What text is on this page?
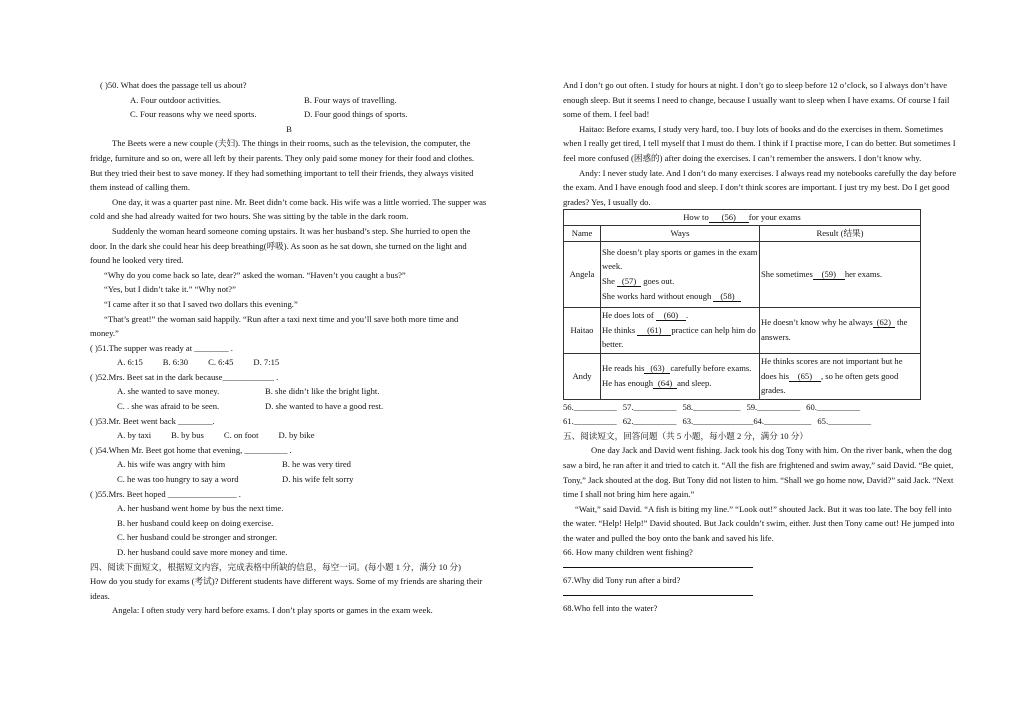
( )50. What does the passage tell us about?

A. Four outdoor activities.	B. Four ways of travelling.
C. Four reasons why we need sports.	D. Four good things of sports.

B

The Beets were a new couple (夫妇). The things in their rooms, such as the television, the computer, the fridge, furniture and so on, were all left by their parents. They only paid some money for their food and clothes. But they tried their best to save money. If they had something important to tell their friends, they always visited them instead of calling them.

One day, it was a quarter past nine. Mr. Beet didn’t come back. His wife was a little worried. The supper was cold and she had already waited for two hours. She was sitting by the table in the dark room.

Suddenly the woman heard someone coming upstairs. It was her husband’s step. She hurried to open the door. In the dark she could hear his deep breathing(呼吸). As soon as he sat down, she turned on the light and found he looked very tired.

“Why do you come back so late, dear?” asked the woman. “Haven’t you caught a bus?”

“Yes, but I didn’t take it.” “Why not?”

“I came after it so that I saved two dollars this evening.”

“That’s great!” the woman said happily. “Run after a taxi next time and you’ll save both more time and money.”

( )51.The supper was ready at ________ .

A. 6:15 B. 6:30 C. 6:45 D. 7:15

( )52.Mrs. Beet sat in the dark because____________ .

A. she wanted to save money.	B. she didn’t like the bright light.
C. . she was afraid to be seen.	D. she wanted to have a good rest.

( )53.Mr. Beet went back ________.

A. by taxi B. by bus C. on foot D. by bike

( )54.When Mr. Beet got home that evening, __________ .

A. his wife was angry with him	B. he was very tired
C. he was too hungry to say a word	D. his wife felt sorry

( )55.Mrs. Beet hoped ________________ .

A. her husband went home by bus the next time.

B. her husband could keep on doing exercise.

C. her husband could be stronger and stronger.

D. her husband could save more money and time.

四、阅读下面短文，根据短文内容，完成表格中所缺的信息，每空一词。(每小题 1 分，满分 10 分)

How do you study for exams (考试)? Different students have different ways. Some of my friends are sharing their ideas.

Angela: I often study very hard before exams. I don’t play sports or games in the exam week.

And I don’t go out often. I study for hours at night. I don’t go to sleep before 12 o’clock, so I always don’t have enough sleep. But it seems I need to change, because I usually want to sleep when I have exams. Of course I fail some of them. I feel bad!

Haitao: Before exams, I study very hard, too. I buy lots of books and do the exercises in them. Sometimes when I really get tired, I tell myself that I must do them. I think if I practise more, I can do better. But sometimes I feel more confused (困惑的) after doing the exercises. I can’t remember the answers. I don’t know why.

Andy: I never study late. And I don’t do many exercises. I always read my notebooks carefully the day before the exam. And I have enough food and sleep. I don’t think scores are important. I just try my best. Do I get good grades? Yes, I usually do.

How to (56) for your exams		
Name	Ways	Result (结果)
Angela	She doesn’t play sports or games in the exam week.
She (57) goes out.
She works hard without enough (58)	She sometimes (59) her exams.
Haitao	He does lots of (60) .
He thinks (61) practice can help him do better.	He doesn’t know why he always (62) the answers.
Andy	He reads his (63) carefully before exams.
He has enough (64) and sleep.	He thinks scores are not important but he does his (65) , so he often gets good grades.
56.__________ 57.__________ 58.___________ 59.__________ 60.__________
61.__________ 62.__________ 63.______________64.___________ 65.__________

五、阅读短文，回答问题（共 5 小题，每小题 2 分，满分 10 分）

One day Jack and David went fishing. Jack took his dog Tony with him. On the river bank, when the dog saw a bird, he ran after it and tried to catch it. “All the fish are frightened and swim away,” said David. “Be quiet, Tony,” Jack shouted at the dog. But Tony did not listen to him. “Shall we go home now, David?” said Jack. “Next time I shall not bring him here again.”

“Wait,” said David. “A fish is biting my line.” “Look out!” shouted Jack. But it was too late. The boy fell into the water. “Help! Help!” David shouted. But Jack couldn’t swim, either. Just then Tony came out! He jumped into the water and pulled the boy onto the bank and saved his life.

66. How many children went fishing?

67.Why did Tony run after a bird?

68.Who fell into the water?
